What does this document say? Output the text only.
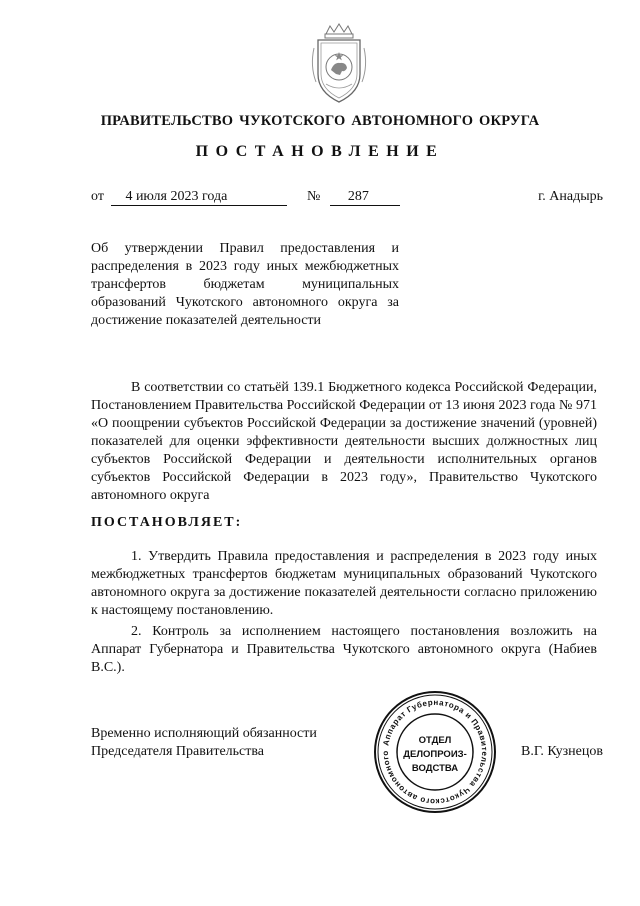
ПРАВИТЕЛЬСТВО ЧУКОТСКОГО АВТОНОМНОГО ОКРУГА
ПОСТАНОВЛЕНИЕ
от 4 июля 2023 года	№ 287	г. Анадырь
Об утверждении Правил предоставления и распределения в 2023 году иных межбюджетных трансфертов бюджетам муниципальных образований Чукотского автономного округа за достижение показателей деятельности
В соответствии со статьёй 139.1 Бюджетного кодекса Российской Федерации, Постановлением Правительства Российской Федерации от 13 июня 2023 года № 971 «О поощрении субъектов Российской Федерации за достижение значений (уровней) показателей для оценки эффективности деятельности высших должностных лиц субъектов Российской Федерации и деятельности исполнительных органов субъектов Российской Федерации в 2023 году», Правительство Чукотского автономного округа
ПОСТАНОВЛЯЕТ:
1. Утвердить Правила предоставления и распределения в 2023 году иных межбюджетных трансфертов бюджетам муниципальных образований Чукотского автономного округа за достижение показателей деятельности согласно приложению к настоящему постановлению.
2. Контроль за исполнением настоящего постановления возложить на Аппарат Губернатора и Правительства Чукотского автономного округа (Набиев В.С.).
Временно исполняющий обязанности
Председателя Правительства	В.Г. Кузнецов
Аппарат Губернатора и Правительства Чукотского автономного
ОТДЕЛ
ДЕЛОПРОИЗ-
ВОДСТВА
